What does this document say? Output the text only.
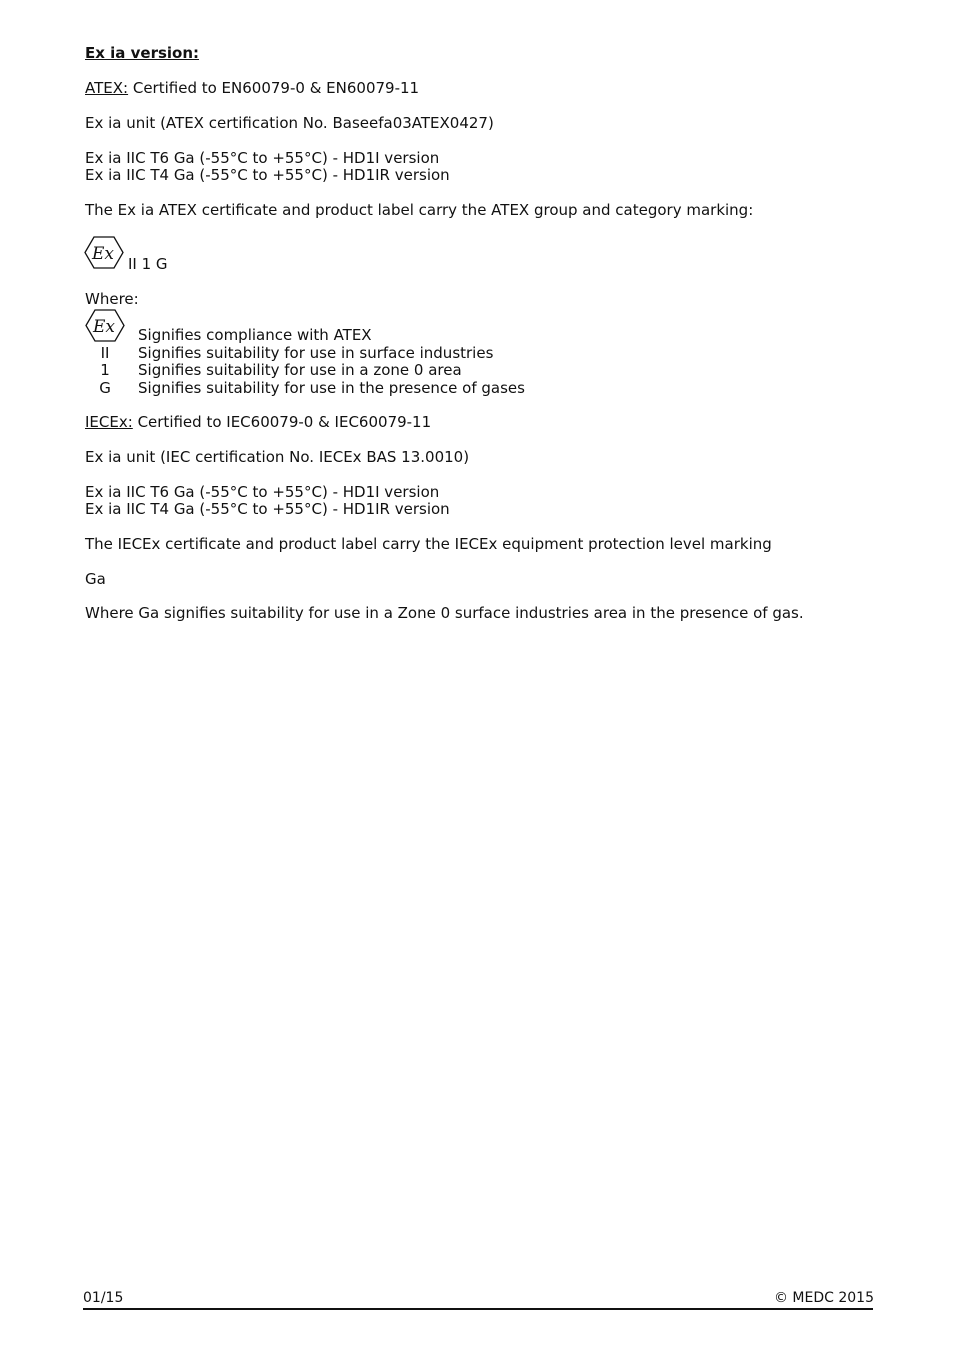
Ex ia version:
ATEX: Certified to EN60079-0 & EN60079-11
Ex ia unit (ATEX certification No. Baseefa03ATEX0427)
Ex ia IIC T6 Ga (-55°C to +55°C) - HD1I version
Ex ia IIC T4 Ga (-55°C to +55°C) - HD1IR version
The Ex ia ATEX certificate and product label carry the ATEX group and category marking:
Ex II 1 G
Where:
Ex Signifies compliance with ATEX
II	Signifies suitability for use in surface industries
1	Signifies suitability for use in a zone 0 area
G	Signifies suitability for use in the presence of gases
IECEx: Certified to IEC60079-0 & IEC60079-11
Ex ia unit (IEC certification No. IECEx BAS 13.0010)
Ex ia IIC T6 Ga (-55°C to +55°C) - HD1I version
Ex ia IIC T4 Ga (-55°C to +55°C) - HD1IR version
The IECEx certificate and product label carry the IECEx equipment protection level marking
Ga
Where Ga signifies suitability for use in a Zone 0 surface industries area in the presence of gas.
01/15	© MEDC 2015
